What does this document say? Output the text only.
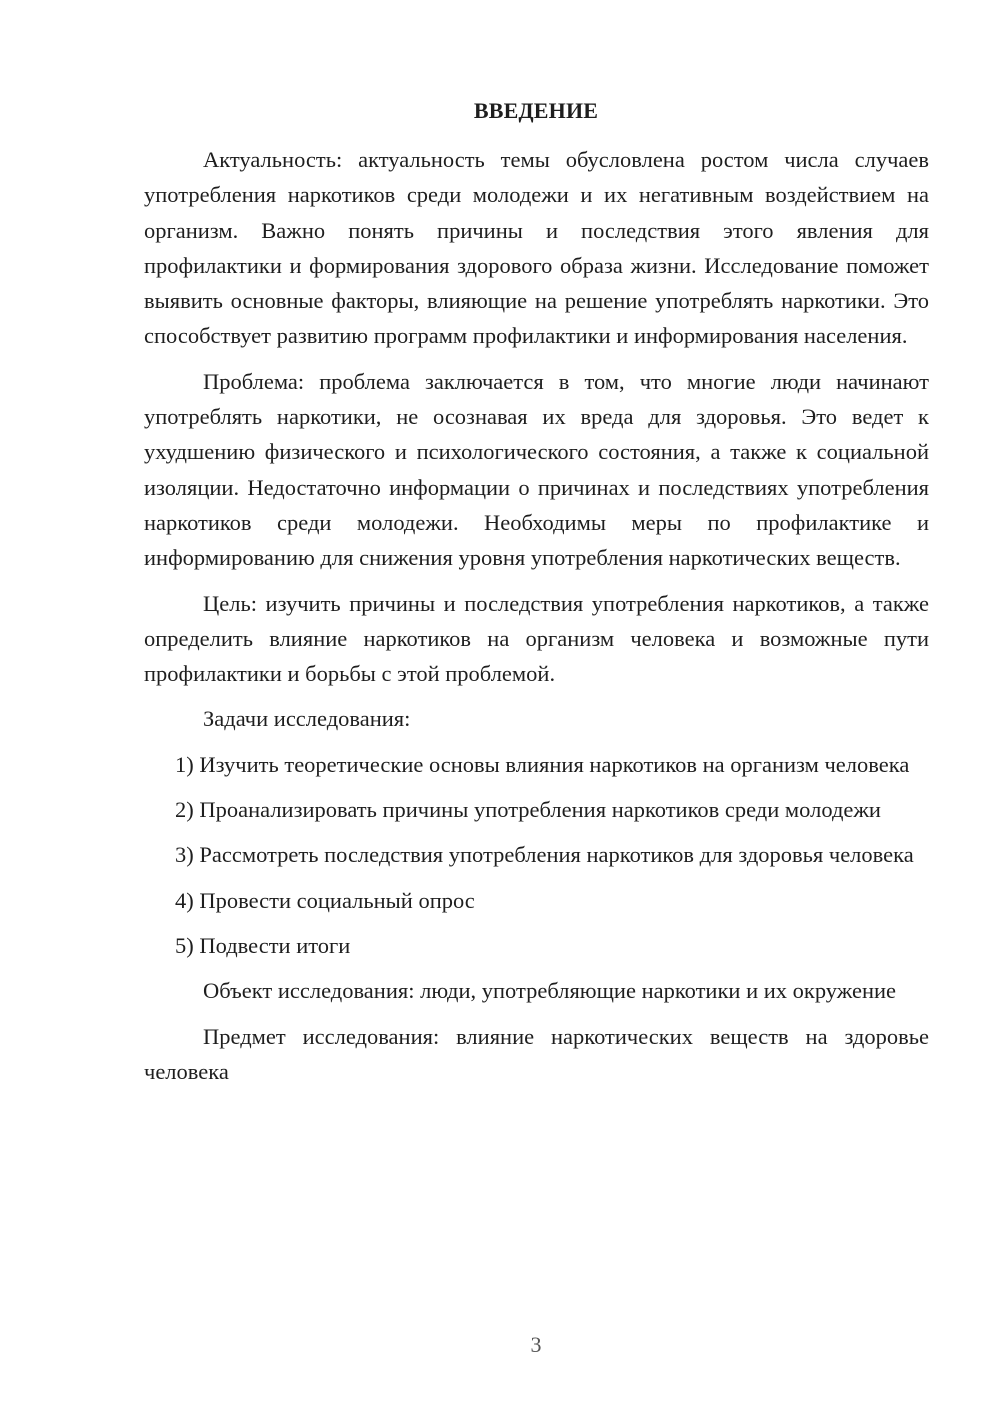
ВВЕДЕНИЕ

Актуальность: актуальность темы обусловлена ростом числа случаев употребления наркотиков среди молодежи и их негативным воздействием на организм. Важно понять причины и последствия этого явления для профилактики и формирования здорового образа жизни. Исследование поможет выявить основные факторы, влияющие на решение употреблять наркотики. Это способствует развитию программ профилактики и информирования населения.

Проблема: проблема заключается в том, что многие люди начинают употреблять наркотики, не осознавая их вреда для здоровья. Это ведет к ухудшению физического и психологического состояния, а также к социальной изоляции. Недостаточно информации о причинах и последствиях употребления наркотиков среди молодежи. Необходимы меры по профилактике и информированию для снижения уровня употребления наркотических веществ.

Цель: изучить причины и последствия употребления наркотиков, а также определить влияние наркотиков на организм человека и возможные пути профилактики и борьбы с этой проблемой.

Задачи исследования:

1) Изучить теоретические основы влияния наркотиков на организм человека

2) Проанализировать причины употребления наркотиков среди молодежи

3) Рассмотреть последствия употребления наркотиков для здоровья человека

4) Провести социальный опрос

5) Подвести итоги

Объект исследования: люди, употребляющие наркотики и их окружение

Предмет исследования: влияние наркотических веществ на здоровье человека

3
